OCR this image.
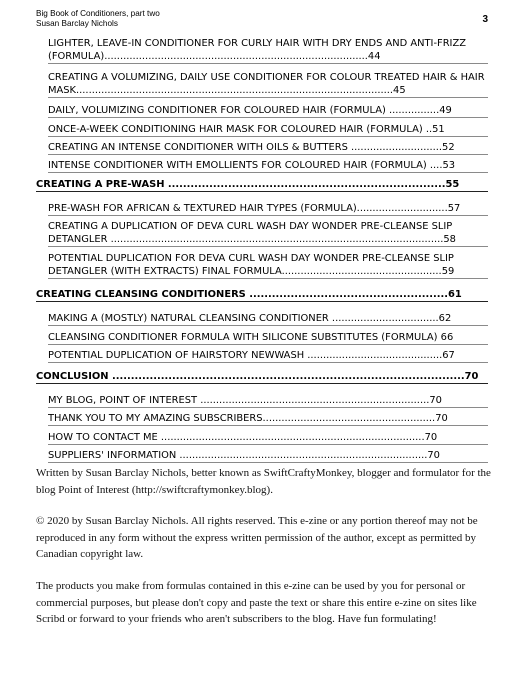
Big Book of Conditioners, part two
Susan Barclay Nichols	3
LIGHTER, LEAVE-IN CONDITIONER FOR CURLY HAIR WITH DRY ENDS AND ANTI-FRIZZ (FORMULA)....................................................................................44
CREATING A VOLUMIZING, DAILY USE CONDITIONER FOR COLOUR TREATED HAIR & HAIR MASK.....................................................................................................45
DAILY, VOLUMIZING CONDITIONER FOR COLOURED HAIR (FORMULA) ................49
ONCE-A-WEEK CONDITIONING HAIR MASK FOR COLOURED HAIR (FORMULA) ..51
CREATING AN INTENSE CONDITIONER WITH OILS & BUTTERS .............................52
INTENSE CONDITIONER WITH EMOLLIENTS FOR COLOURED HAIR (FORMULA) ....53
CREATING A PRE-WASH ..........................................................................55
PRE-WASH FOR AFRICAN & TEXTURED HAIR TYPES (FORMULA).............................57
CREATING A DUPLICATION OF DEVA CURL WASH DAY WONDER PRE-CLEANSE SLIP DETANGLER ..........................................................................................................58
POTENTIAL DUPLICATION FOR DEVA CURL WASH DAY WONDER PRE-CLEANSE SLIP DETANGLER (WITH EXTRACTS) FINAL FORMULA...................................................59
CREATING CLEANSING CONDITIONERS .....................................................61
MAKING A (MOSTLY) NATURAL CLEANSING CONDITIONER ..................................62
CLEANSING CONDITIONER FORMULA WITH SILICONE SUBSTITUTES (FORMULA) 66
POTENTIAL DUPLICATION OF HAIRSTORY NEWWASH ...........................................67
CONCLUSION ..............................................................................................70
MY BLOG, POINT OF INTEREST .........................................................................70
THANK YOU TO MY AMAZING SUBSCRIBERS.......................................................70
HOW TO CONTACT ME ....................................................................................70
SUPPLIERS' INFORMATION ...............................................................................70

Written by Susan Barclay Nichols, better known as SwiftCraftyMonkey, blogger and formulator for the blog Point of Interest (http://swiftcraftymonkey.blog).

© 2020 by Susan Barclay Nichols. All rights reserved. This e-zine or any portion thereof may not be reproduced in any form without the express written permission of the author, except as permitted by Canadian copyright law.

The products you make from formulas contained in this e-zine can be used by you for personal or commercial purposes, but please don't copy and paste the text or share this entire e-zine on sites like Scribd or forward to your friends who aren't subscribers to the blog. Have fun formulating!
